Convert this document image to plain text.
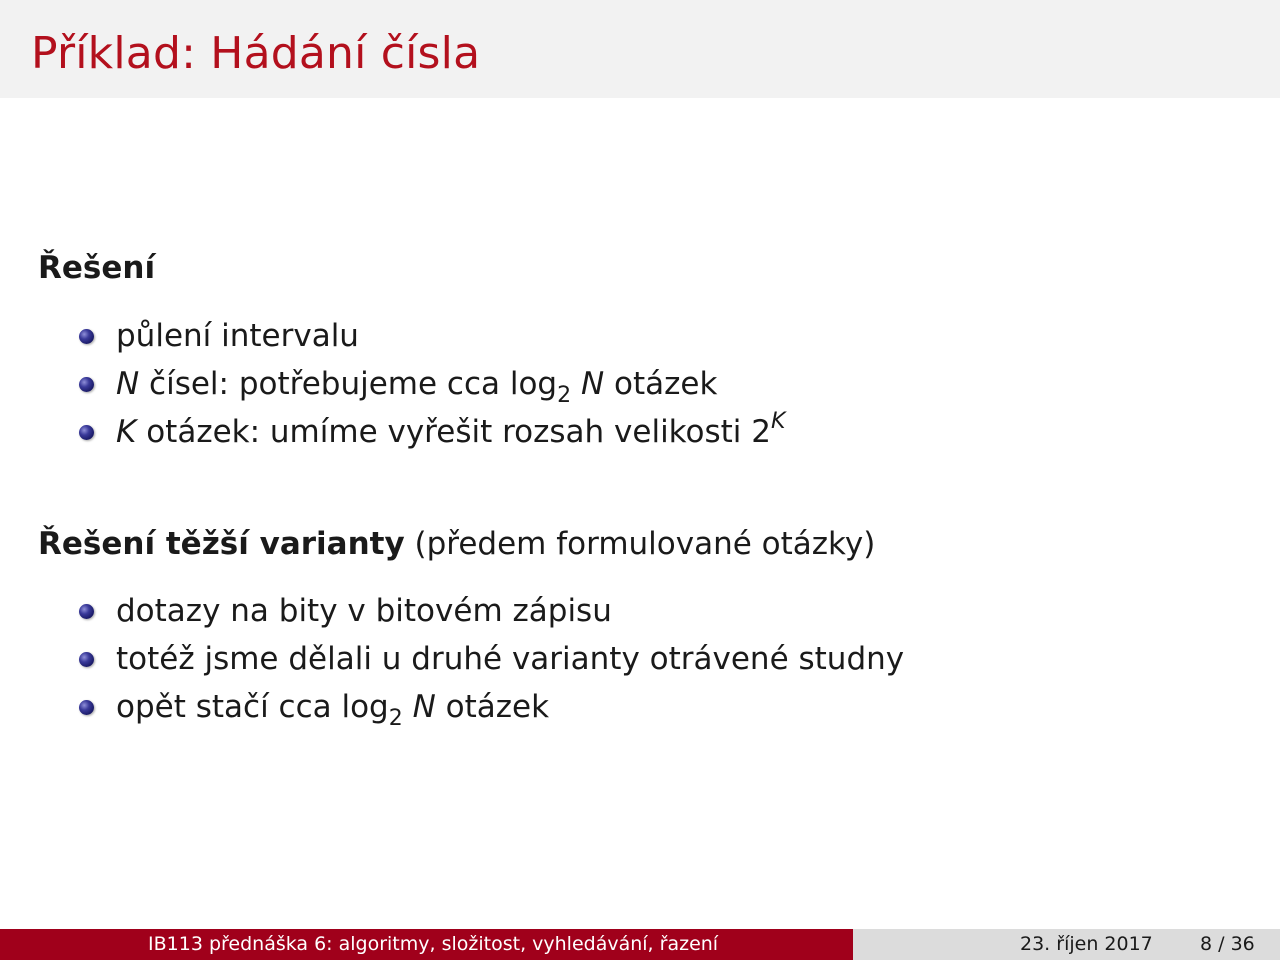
Příklad: Hádání čísla
Řešení
půlení intervalu
N čísel: potřebujeme cca $\log_2 N$ otázek
K otázek: umíme vyřešit rozsah velikosti $2^K$
Řešení těžší varianty (předem formulované otázky)
dotazy na bity v bitovém zápisu
totéž jsme dělali u druhé varianty otrávené studny
opět stačí cca $\log_2 N$ otázek
IB113 přednáška 6: algoritmy, složitost, vyhledávání, řazení	23. říjen 2017 8 / 36
